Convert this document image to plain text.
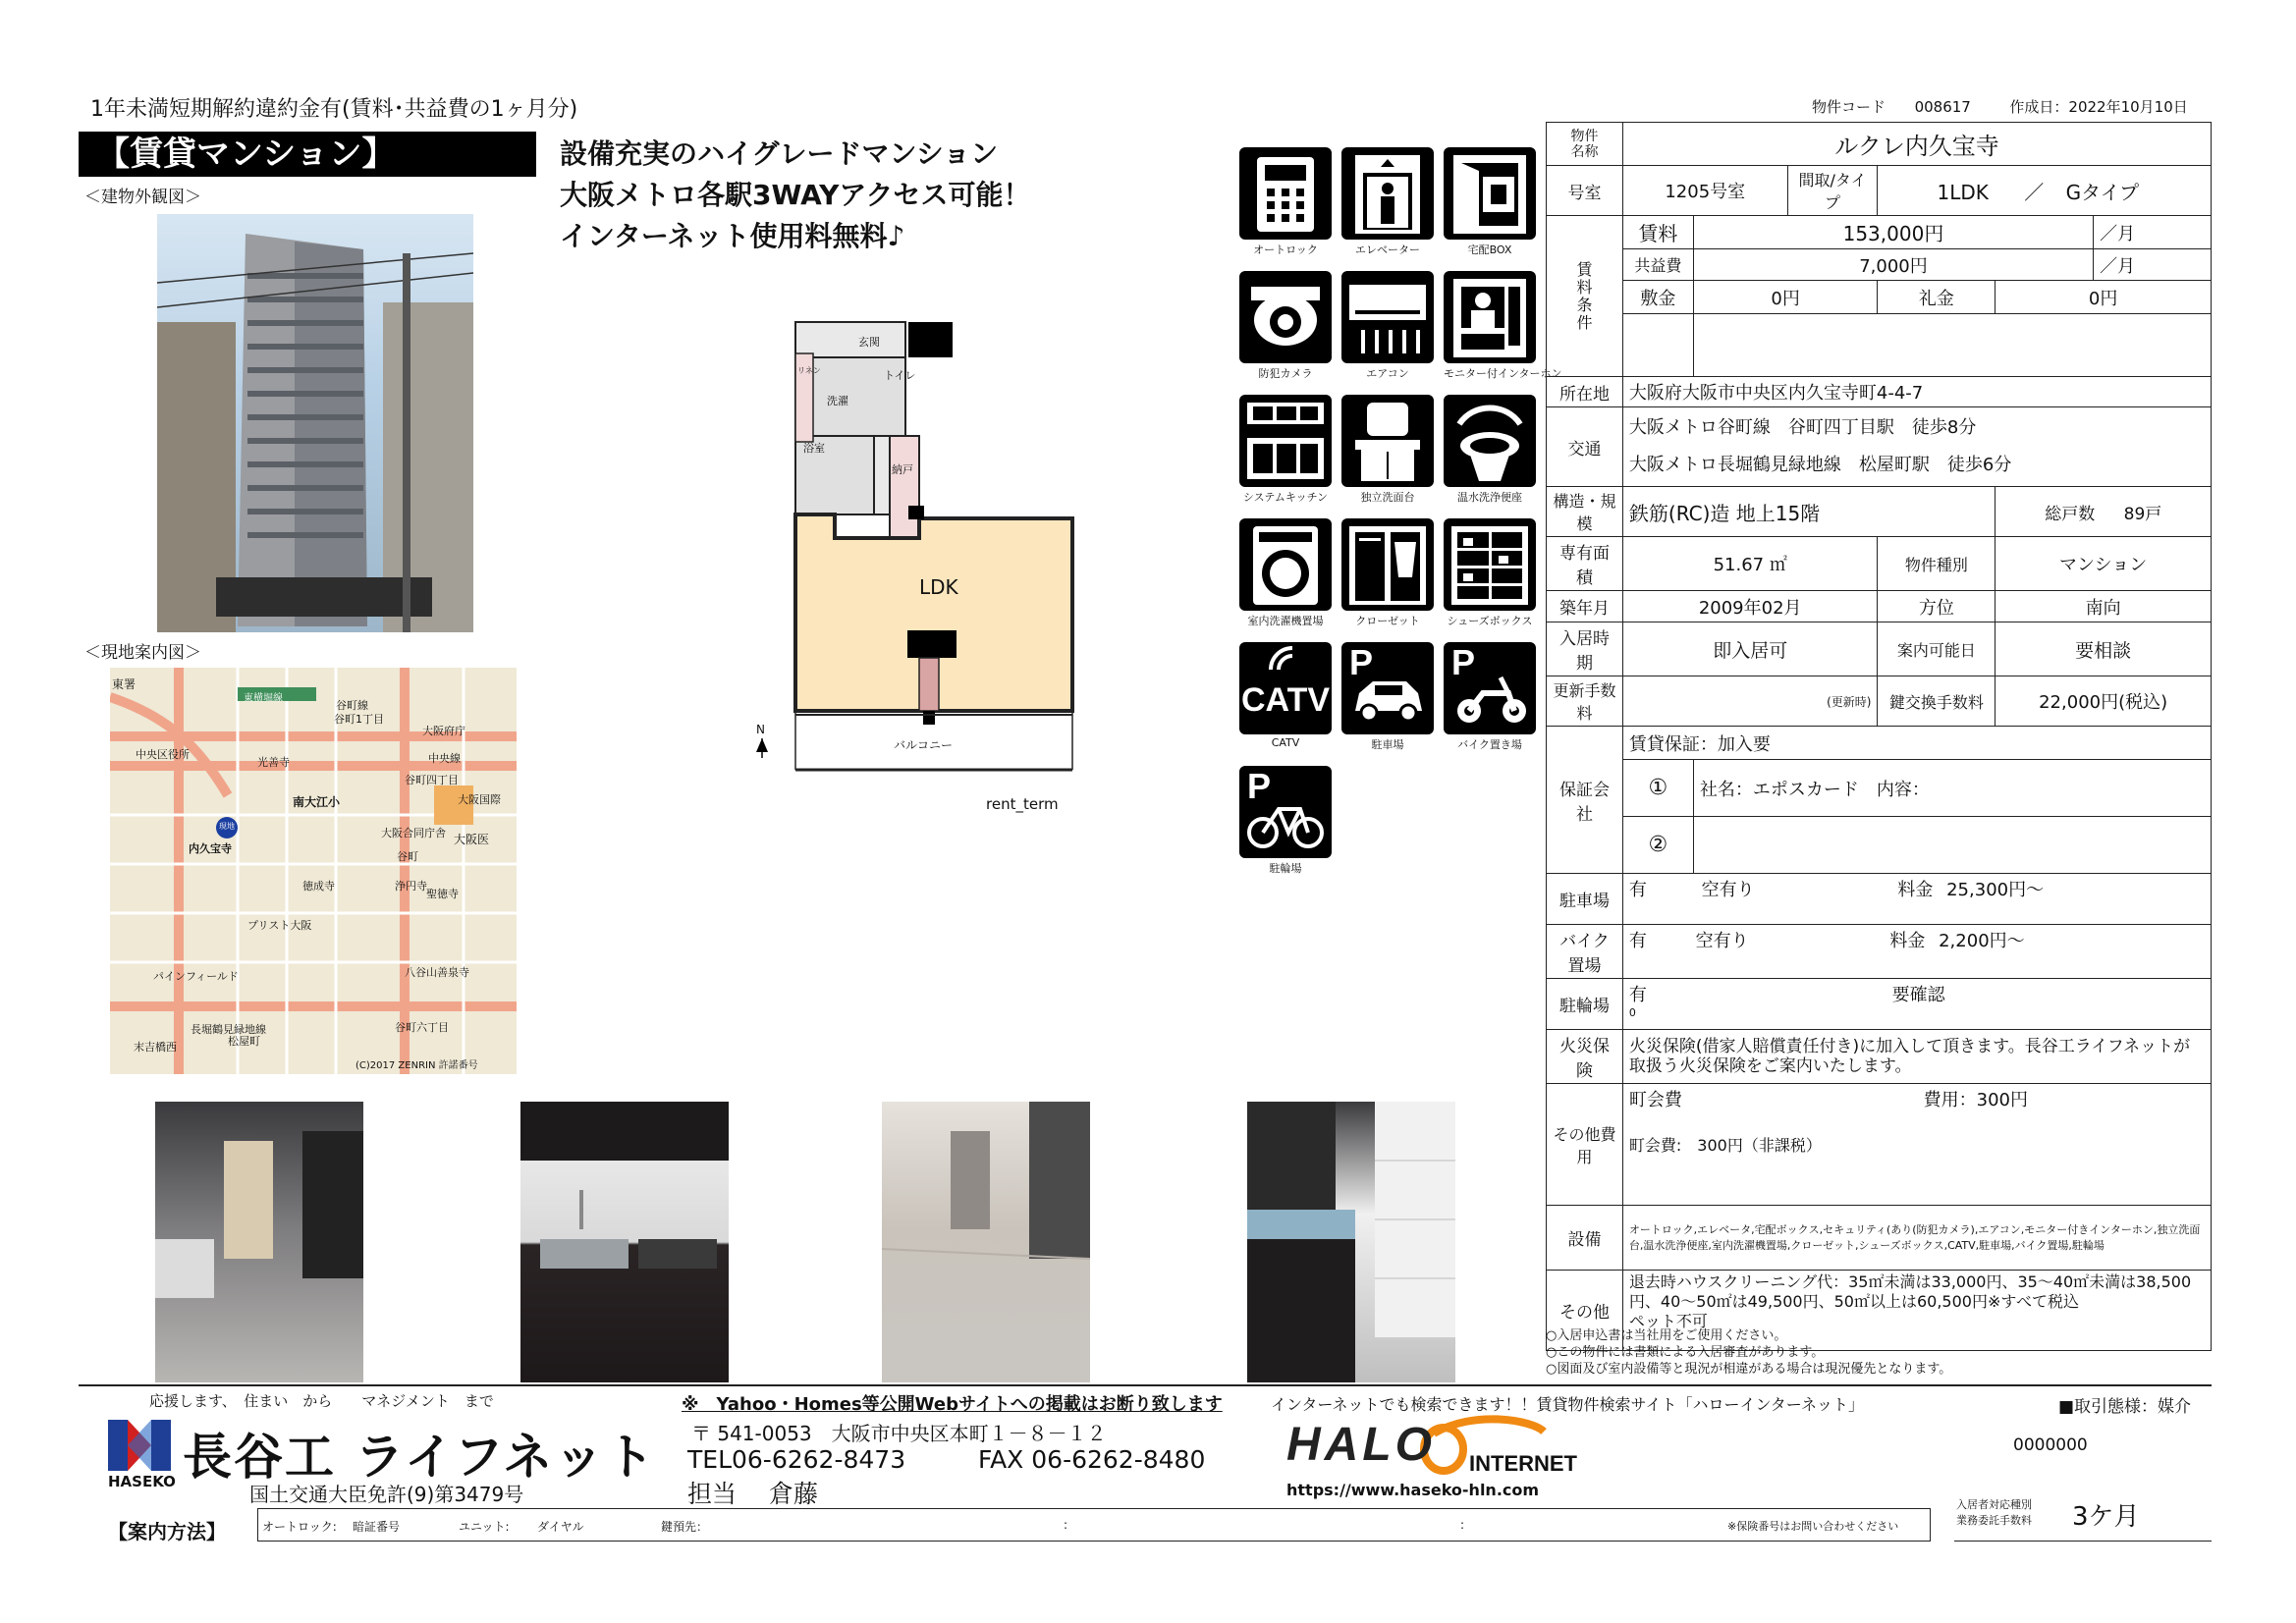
1年未満短期解約違約金有(賃料･共益費の1ヶ月分)	物件コード 008617	作成日：2022年10月10日
【賃貸マンション】	設備充実のハイグレードマンション
大阪メトロ各駅3WAYアクセス可能！
インターネット使用料無料♪
＜建物外観図＞
＜現地案内図＞
東署
東横堀線
谷町線
谷町1丁目
大阪府庁
中央区役所
光善寺	中央線
谷町四丁目
南大江小	大阪国際
大阪合同庁舎 大阪医
内久宝寺
谷町
徳成寺	浄円寺
聖徳寺
プリスト大阪
八谷山善泉寺
パインフィールド
長堀鶴見緑地線
松屋町
谷町六丁目
末吉橋西
(C)2017 ZENRIN 許諾番号
現地
玄関
トイレ
リネン
洗濯
浴室
納戸
LDK
バルコニー
N
rent_term
オートロック	エレベーター	宅配BOX
防犯カメラ	エアコン	モニター付インターホン
システムキッチン	独立洗面台	温水洗浄便座
室内洗濯機置場	クローゼット	シューズボックス
CATV
CATV
P
駐車場
P
バイク置き場
P
駐輪場
物件
名称	ルクレ内久宝寺					
号室	1205号室		間取/タイプ	1LDK ／ Gタイプ		
賃
料
条
件	賃料	153,000円				／月
	共益費	7,000円				／月
	敷金	0円		礼金	0円	

所在地	大阪府大阪市中央区内久宝寺町4-4-7					
交通	大阪メトロ谷町線　谷町四丁目駅　徒歩8分
大阪メトロ長堀鶴見緑地線　松屋町駅　徒歩6分					

構造・規模	鉄筋(RC)造 地上15階				総戸数 89戸	
専有面積	51.67 ㎡			物件種別	マンション	
築年月	2009年02月			方位	南向	
入居時期	即入居可			案内可能日	要相談	
更新手数料	(更新時)			鍵交換手数料	22,000円(税込)	
保証会社	賃貸保証：加入要					
	①	社名：エポスカード　内容：				
	②					
駐車場	有 空有り 料金 25,300円～					
バイク置場	有 空有り 料金 2,200円～					
駐輪場	有 要確認
0					

火災保険	火災保険(借家人賠償責任付き)に加入して頂きます。長谷工ライフネットが取扱う火災保険をご案内いたします。					
その他費用	町会費 費用：300円
町会費:　300円（非課税）					

設備	オートロック,エレベータ,宅配ボックス,セキュリティ(あり(防犯カメラ),エアコン,モニター付きインターホン,独立洗面台,温水洗浄便座,室内洗濯機置場,クローゼット,シューズボックス,CATV,駐車場,バイク置場,駐輪場					
その他	退去時ハウスクリーニング代：35㎡未満は33,000円、35～40㎡未満は38,500円、40～50㎡は49,500円、50㎡以上は60,500円※すべて税込
ペット不可					
○入居申込書は当社用をご使用ください。
○この物件には書類による入居審査があります。
○図面及び室内設備等と現況が相違がある場合は現況優先となります。
応援します、　住まい　から　　マネジメント　まで
HASEKO 長谷工 ライフネット
国土交通大臣免許(9)第3479号
※　Yahoo・Homes等公開Webサイトへの掲載はお断り致します
〒 541-0053　大阪市中央区本町１－８－１２
TEL06-6262-8473	FAX 06-6262-8480
担当　 倉藤
インターネットでも検索できます！！賃貸物件検索サイト「ハローインターネット」
HALO INTERNET
https://www.haseko-hln.com
■取引態様：媒介
0000000
【案内方法】	オートロック: 暗証番号	ユニット: ダイヤル	鍵預先：	:	:	※保険番号はお問い合わせください
入居者対応種別
業務委託手数料 3ケ月
